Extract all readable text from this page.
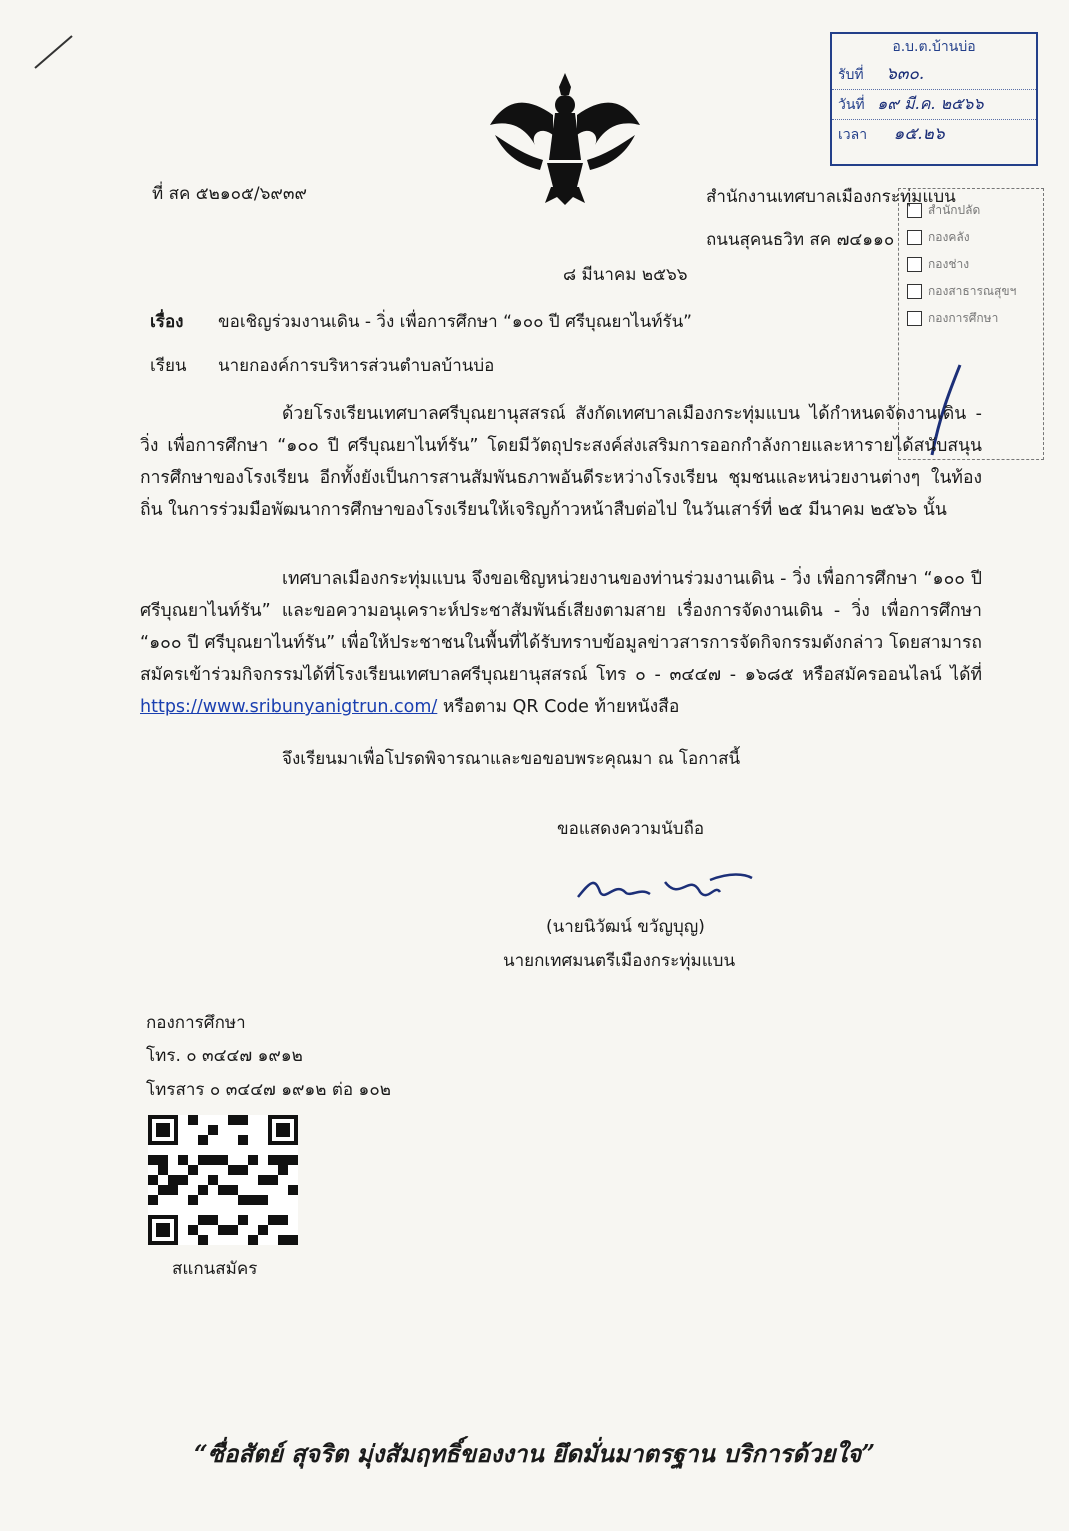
อ.บ.ต.บ้านบ่อ
รับที่ ๖๓๐.
วันที่ ๑๙ มี.ค. ๒๕๖๖
เวลา ๑๕.๒๖
สำนักปลัด
กองคลัง
กองช่าง
กองสาธารณสุขฯ
กองการศึกษา
ที่ สค ๕๒๑๐๕/๖๙๓๙	สำนักงานเทศบาลเมืองกระทุ่มแบน
ถนนสุคนธวิท สค ๗๔๑๑๐
๘ มีนาคม ๒๕๖๖
เรื่อง ขอเชิญร่วมงานเดิน - วิ่ง เพื่อการศึกษา “๑๐๐ ปี ศรีบุณยาไนท์รัน”
เรียน นายกองค์การบริหารส่วนตำบลบ้านบ่อ
ด้วยโรงเรียนเทศบาลศรีบุณยานุสสรณ์ สังกัดเทศบาลเมืองกระทุ่มแบน ได้กำหนดจัดงานเดิน - วิ่ง เพื่อการศึกษา “๑๐๐ ปี ศรีบุณยาไนท์รัน” โดยมีวัตถุประสงค์ส่งเสริมการออกกำลังกายและหารายได้สนับสนุนการศึกษาของโรงเรียน อีกทั้งยังเป็นการสานสัมพันธภาพอันดีระหว่างโรงเรียน ชุมชนและหน่วยงานต่างๆ ในท้องถิ่น ในการร่วมมือพัฒนาการศึกษาของโรงเรียนให้เจริญก้าวหน้าสืบต่อไป ในวันเสาร์ที่ ๒๕ มีนาคม ๒๕๖๖ นั้น
เทศบาลเมืองกระทุ่มแบน จึงขอเชิญหน่วยงานของท่านร่วมงานเดิน - วิ่ง เพื่อการศึกษา “๑๐๐ ปี ศรีบุณยาไนท์รัน” และขอความอนุเคราะห์ประชาสัมพันธ์เสียงตามสาย เรื่องการจัดงานเดิน - วิ่ง เพื่อการศึกษา “๑๐๐ ปี ศรีบุณยาไนท์รัน” เพื่อให้ประชาชนในพื้นที่ได้รับทราบข้อมูลข่าวสารการจัดกิจกรรมดังกล่าว โดยสามารถสมัครเข้าร่วมกิจกรรมได้ที่โรงเรียนเทศบาลศรีบุณยานุสสรณ์ โทร ๐ - ๓๔๔๗ - ๑๖๘๕ หรือสมัครออนไลน์ ได้ที่ https://www.sribunyanigtrun.com/ หรือตาม QR Code ท้ายหนังสือ
จึงเรียนมาเพื่อโปรดพิจารณาและขอขอบพระคุณมา ณ โอกาสนี้
ขอแสดงความนับถือ
(นายนิวัฒน์ ขวัญบุญ)
นายกเทศมนตรีเมืองกระทุ่มแบน
กองการศึกษา
โทร. ๐ ๓๔๔๗ ๑๙๑๒
โทรสาร ๐ ๓๔๔๗ ๑๙๑๒ ต่อ ๑๐๒
สแกนสมัคร
“ซื่อสัตย์ สุจริต มุ่งสัมฤทธิ์ของงาน ยึดมั่นมาตรฐาน บริการด้วยใจ”
